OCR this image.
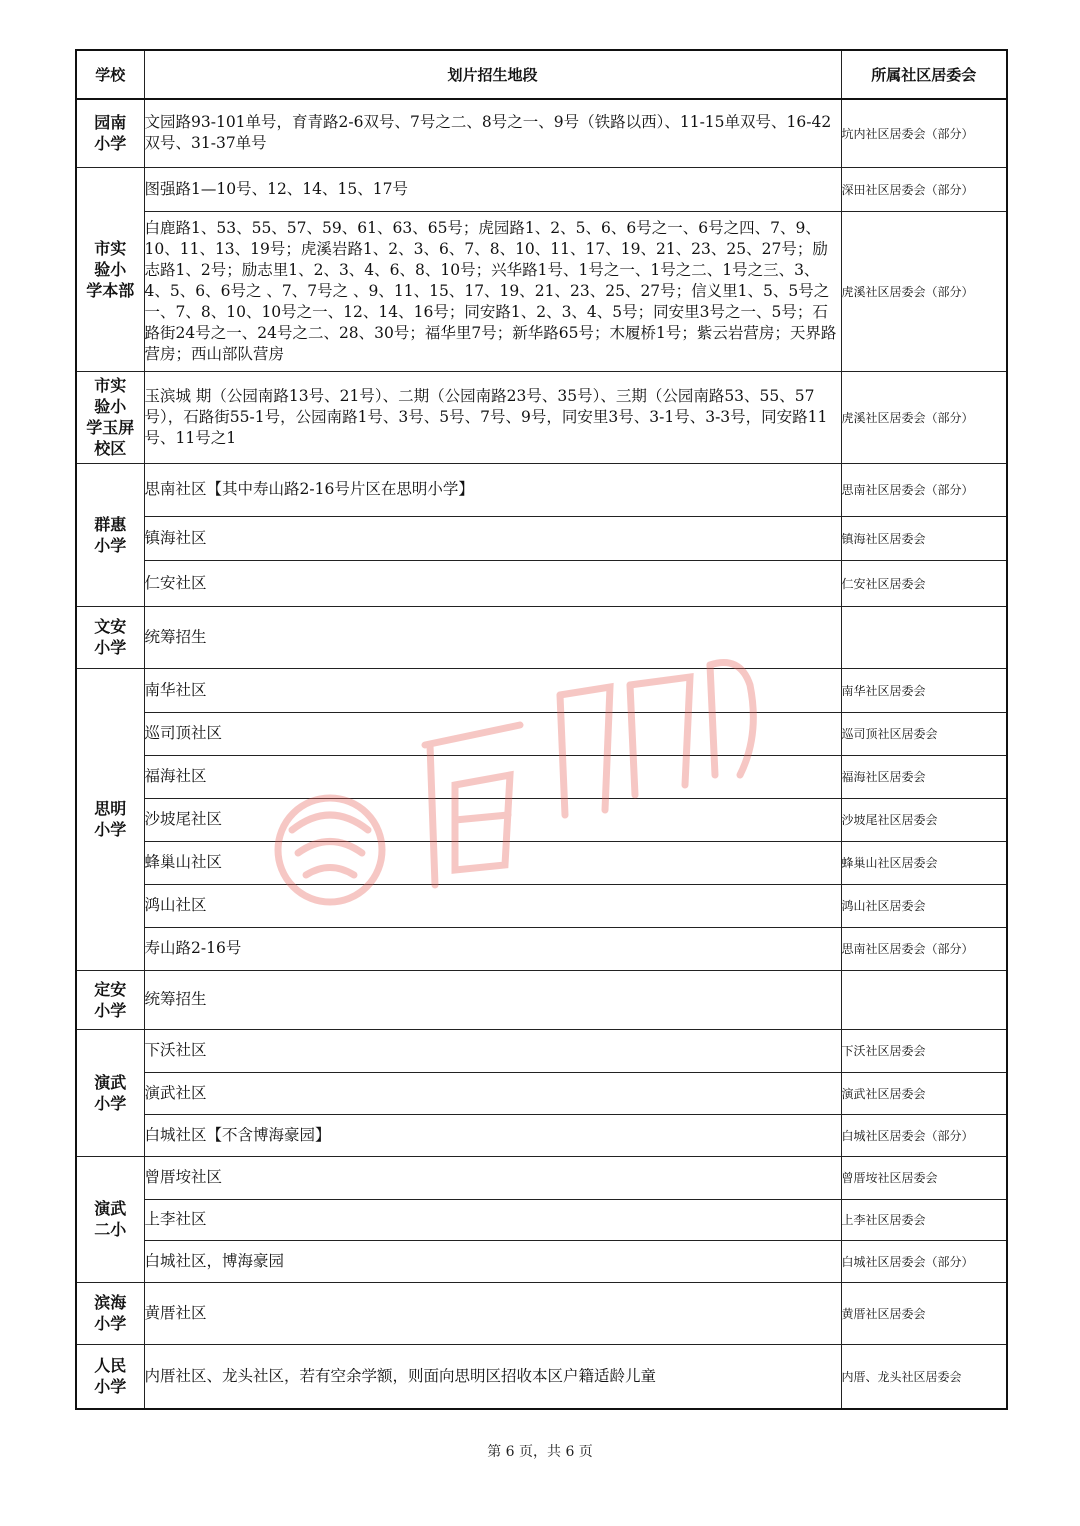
学校	划片招生地段	所属社区居委会
园南
小学	文园路93-101单号，育青路2-6双号、7号之二、8号之一、9号（铁路以西）、11-15单双号、16-42双号、31-37单号	坑内社区居委会（部分）
市实
验小
学本部	图强路1—10号、12、14、15、17号	深田社区居委会（部分）
	白鹿路1、53、55、57、59、61、63、65号；虎园路1、2、5、6、6号之一、6号之四、7、9、10、11、13、19号；虎溪岩路1、2、3、6、7、8、10、11、17、19、21、23、25、27号；励志路1、2号；励志里1、2、3、4、6、8、10号；兴华路1号、1号之一、1号之二、1号之三、3、4、5、6、6号之 、7、7号之 、9、11、15、17、19、21、23、25、27号；信义里1、5、5号之一、7、8、10、10号之一、12、14、16号；同安路1、2、3、4、5号；同安里3号之一、5号；石路街24号之一、24号之二、28、30号；福华里7号；新华路65号；木履桥1号；紫云岩营房；天界路营房；西山部队营房	虎溪社区居委会（部分）
市实
验小
学玉屏
校区	玉滨城 期（公园南路13号、21号）、二期（公园南路23号、35号）、三期（公园南路53、55、57号），石路街55-1号，公园南路1号、3号、5号、7号、9号，同安里3号、3-1号、3-3号，同安路11号、11号之1	虎溪社区居委会（部分）
群惠
小学	思南社区【其中寿山路2-16号片区在思明小学】	思南社区居委会（部分）
	镇海社区	镇海社区居委会
	仁安社区	仁安社区居委会
文安
小学	统筹招生	
思明
小学	南华社区	南华社区居委会
	巡司顶社区	巡司顶社区居委会
	福海社区	福海社区居委会
	沙坡尾社区	沙坡尾社区居委会
	蜂巢山社区	蜂巢山社区居委会
	鸿山社区	鸿山社区居委会
	寿山路2-16号	思南社区居委会（部分）
定安
小学	统筹招生	
演武
小学	下沃社区	下沃社区居委会
	演武社区	演武社区居委会
	白城社区【不含博海豪园】	白城社区居委会（部分）
演武
二小	曾厝垵社区	曾厝垵社区居委会
	上李社区	上李社区居委会
	白城社区，博海豪园	白城社区居委会（部分）
滨海
小学	黄厝社区	黄厝社区居委会
人民
小学	内厝社区、龙头社区，若有空余学额，则面向思明区招收本区户籍适龄儿童	内厝、龙头社区居委会
第 6 页，共 6 页
